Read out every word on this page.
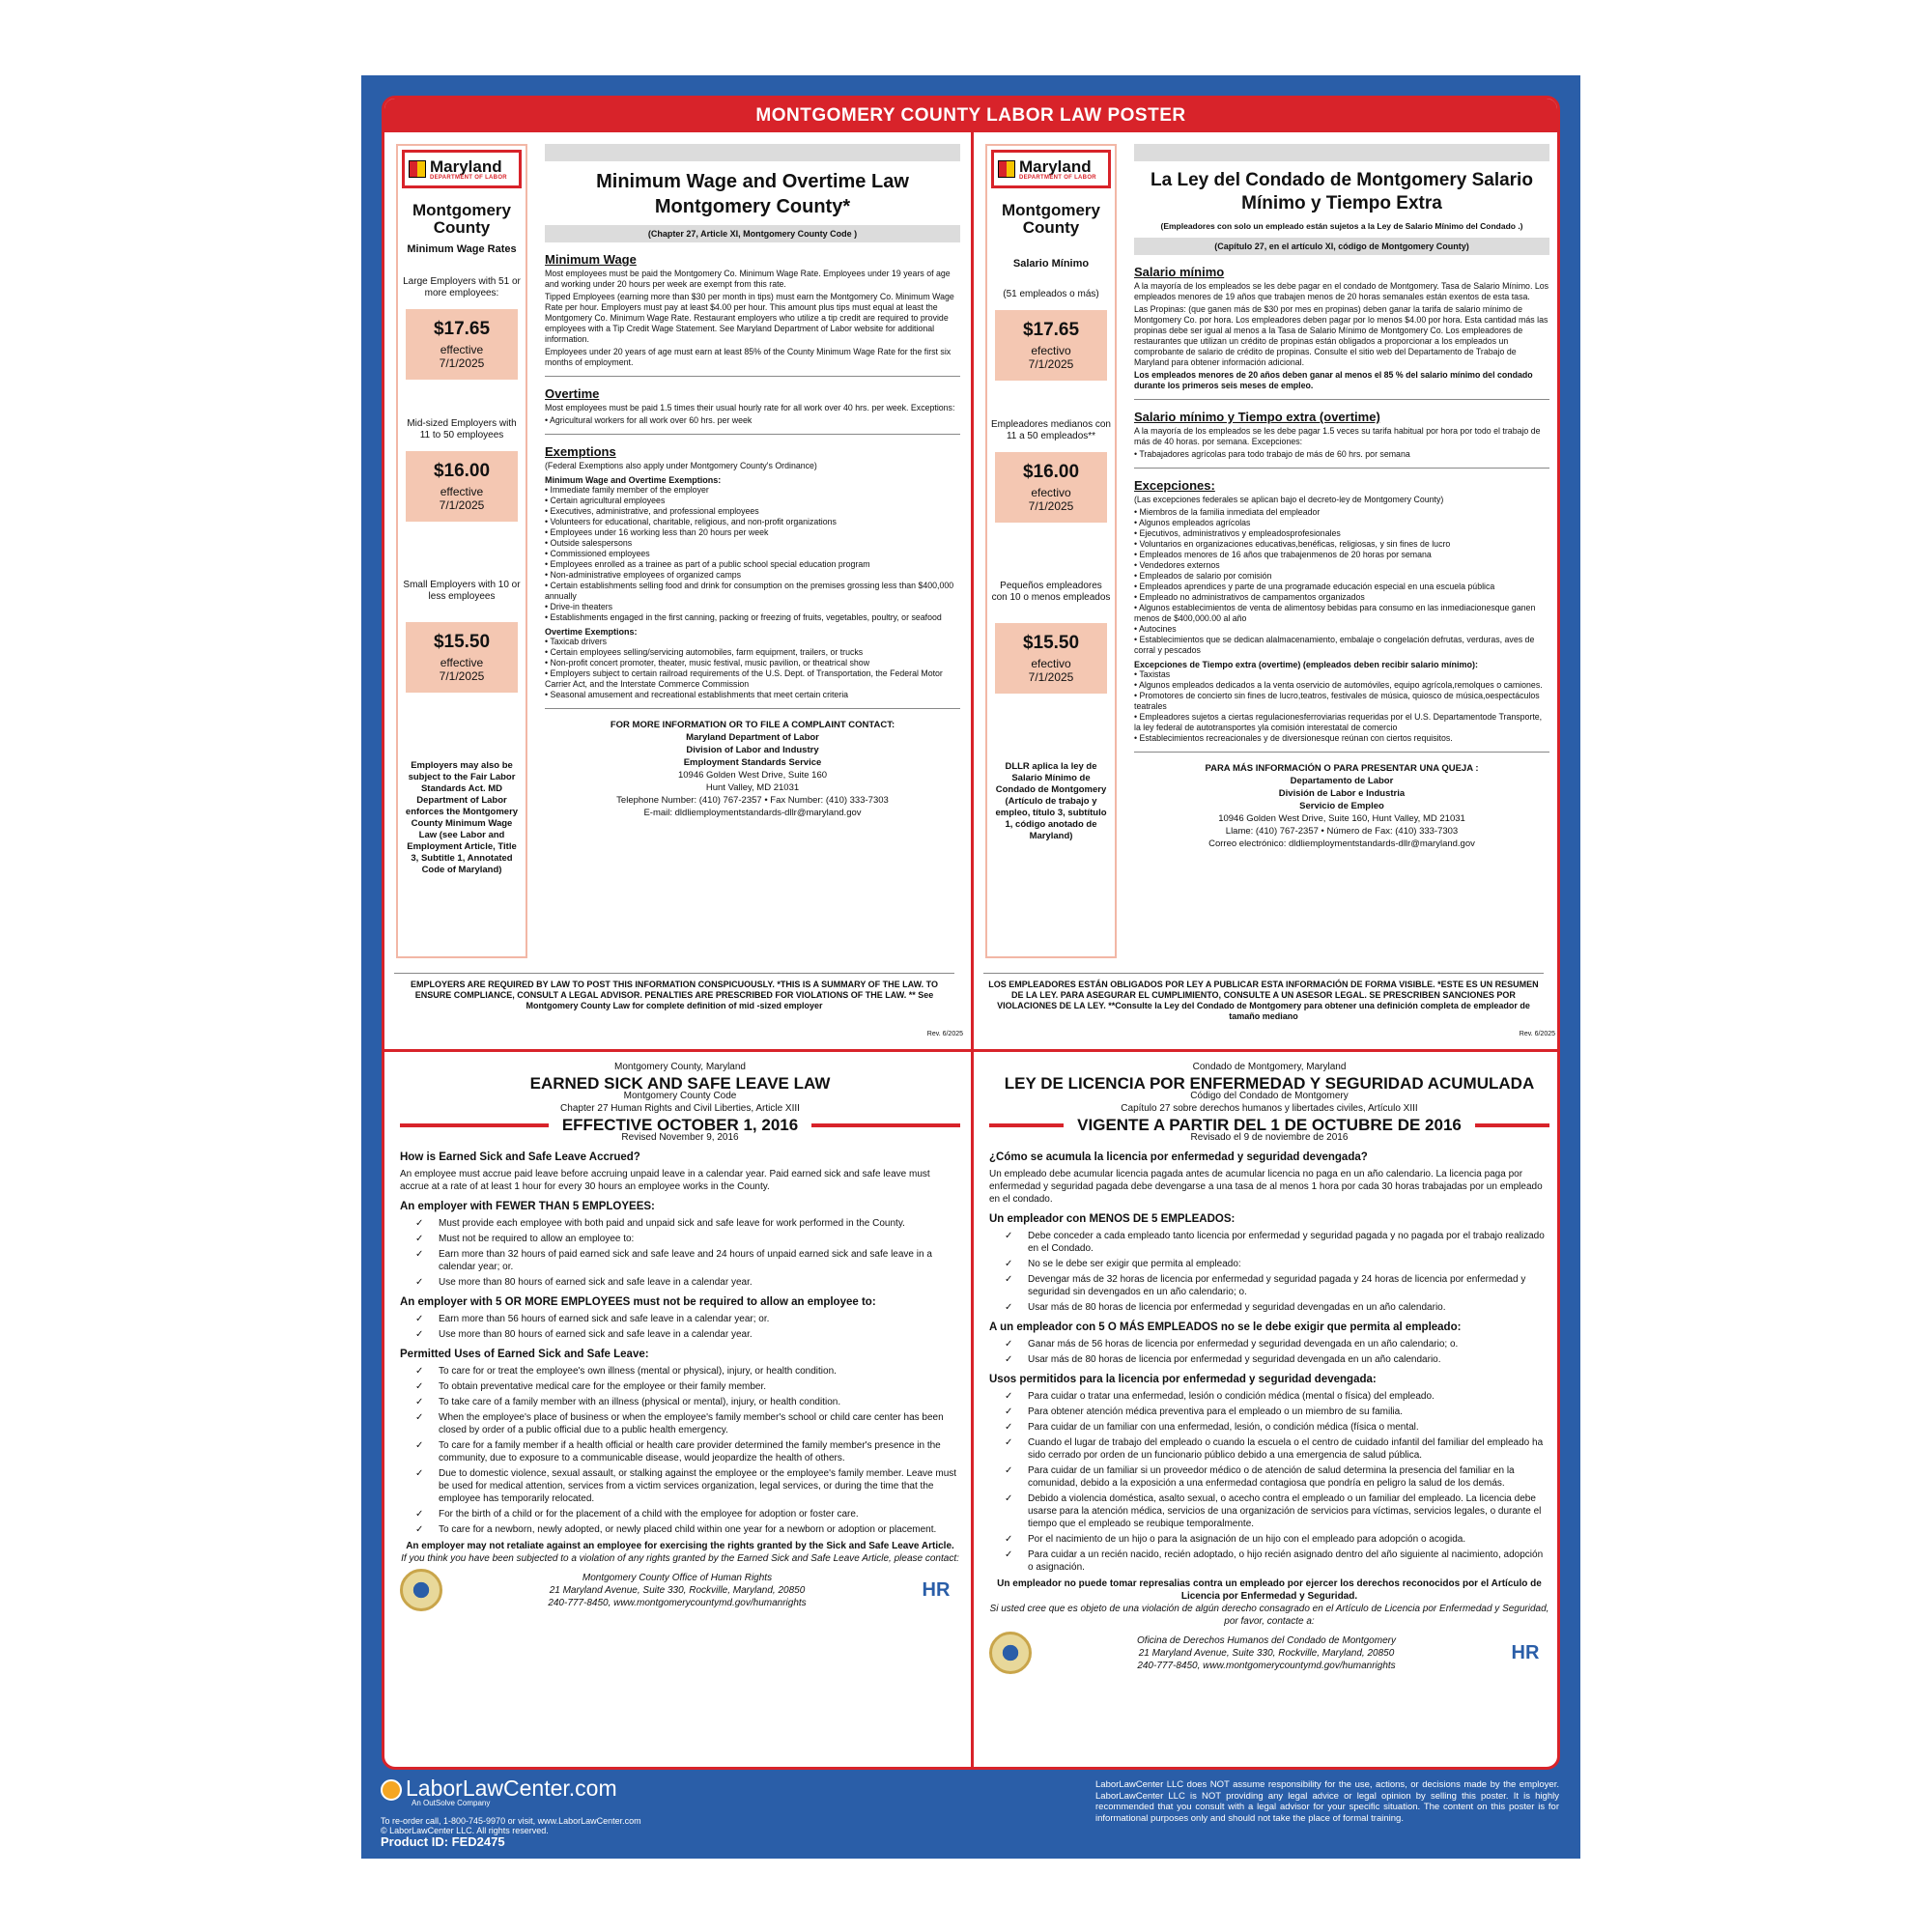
MONTGOMERY COUNTY LABOR LAW POSTER
Maryland
DEPARTMENT OF LABOR
Montgomery County
Minimum Wage Rates
Large Employers with 51 or more employees:
$17.65
effective
7/1/2025
Mid-sized Employers with 11 to 50 employees
$16.00
effective
7/1/2025
Small Employers with 10 or less employees
$15.50
effective
7/1/2025
Employers may also be subject to the Fair Labor Standards Act. MD Department of Labor enforces the Montgomery County Minimum Wage Law (see Labor and Employment Article, Title 3, Subtitle 1, Annotated Code of Maryland)
Minimum Wage and Overtime Law Montgomery County*
(Chapter 27, Article XI, Montgomery County Code )
Minimum Wage

Most employees must be paid the Montgomery Co. Minimum Wage Rate. Employees under 19 years of age and working under 20 hours per week are exempt from this rate.

Tipped Employees (earning more than $30 per month in tips) must earn the Montgomery Co. Minimum Wage Rate per hour. Employers must pay at least $4.00 per hour. This amount plus tips must equal at least the Montgomery Co. Minimum Wage Rate. Restaurant employers who utilize a tip credit are required to provide employees with a Tip Credit Wage Statement. See Maryland Department of Labor website for additional information.

Employees under 20 years of age must earn at least 85% of the County Minimum Wage Rate for the first six months of employment.

Overtime

Most employees must be paid 1.5 times their usual hourly rate for all work over 40 hrs. per week. Exceptions:

• Agricultural workers for all work over 60 hrs. per week
Exemptions

(Federal Exemptions also apply under Montgomery County's Ordinance)

Minimum Wage and Overtime Exemptions:
• Immediate family member of the employer
• Certain agricultural employees
• Executives, administrative, and professional employees
• Volunteers for educational, charitable, religious, and non-profit organizations
• Employees under 16 working less than 20 hours per week
• Outside salespersons
• Commissioned employees
• Employees enrolled as a trainee as part of a public school special education program
• Non-administrative employees of organized camps
• Certain establishments selling food and drink for consumption on the premises grossing less than $400,000 annually
• Drive-in theaters
• Establishments engaged in the first canning, packing or freezing of fruits, vegetables, poultry, or seafood
Overtime Exemptions:
• Taxicab drivers
• Certain employees selling/servicing automobiles, farm equipment, trailers, or trucks
• Non-profit concert promoter, theater, music festival, music pavilion, or theatrical show
• Employers subject to certain railroad requirements of the U.S. Dept. of Transportation, the Federal Motor Carrier Act, and the Interstate Commerce Commission
• Seasonal amusement and recreational establishments that meet certain criteria
FOR MORE INFORMATION OR TO FILE A COMPLAINT CONTACT:
Maryland Department of Labor
Division of Labor and Industry
Employment Standards Service
10946 Golden West Drive, Suite 160
Hunt Valley, MD 21031
Telephone Number: (410) 767-2357 • Fax Number: (410) 333-7303
E-mail: dldliemploymentstandards-dllr@maryland.gov
EMPLOYERS ARE REQUIRED BY LAW TO POST THIS INFORMATION CONSPICUOUSLY. *THIS IS A SUMMARY OF THE LAW. TO ENSURE COMPLIANCE, CONSULT A LEGAL ADVISOR. PENALTIES ARE PRESCRIBED FOR VIOLATIONS OF THE LAW. ** See Montgomery County Law for complete definition of mid -sized employer
Rev. 6/2025
Maryland
DEPARTMENT OF LABOR
Montgomery County
Salario Mínimo
(51 empleados o más)
$17.65
efectivo
7/1/2025
Empleadores medianos con 11 a 50 empleados**
$16.00
efectivo
7/1/2025
Pequeños empleadores con 10 o menos empleados
$15.50
efectivo
7/1/2025
DLLR aplica la ley de Salario Mínimo de Condado de Montgomery (Artículo de trabajo y empleo, título 3, subtítulo 1, código anotado de Maryland)
La Ley del Condado de Montgomery Salario Mínimo y Tiempo Extra

(Empleadores con solo un empleado están sujetos a la Ley de Salario Mínimo del Condado .)

(Capítulo 27, en el artículo XI, código de Montgomery County)
Salario mínimo

A la mayoría de los empleados se les debe pagar en el condado de Montgomery. Tasa de Salario Mínimo. Los empleados menores de 19 años que trabajen menos de 20 horas semanales están exentos de esta tasa.

Las Propinas: (que ganen más de $30 por mes en propinas) deben ganar la tarifa de salario mínimo de Montgomery Co. por hora. Los empleadores deben pagar por lo menos $4.00 por hora. Esta cantidad más las propinas debe ser igual al menos a la Tasa de Salario Mínimo de Montgomery Co. Los empleadores de restaurantes que utilizan un crédito de propinas están obligados a proporcionar a los empleados un comprobante de salario de crédito de propinas. Consulte el sitio web del Departamento de Trabajo de Maryland para obtener información adicional.

Los empleados menores de 20 años deben ganar al menos el 85 % del salario mínimo del condado durante los primeros seis meses de empleo.

Salario mínimo y Tiempo extra (overtime)

A la mayoría de los empleados se les debe pagar 1.5 veces su tarifa habitual por hora por todo el trabajo de más de 40 horas. por semana. Excepciones:

• Trabajadores agrícolas para todo trabajo de más de 60 hrs. por semana
Excepciones:

(Las excepciones federales se aplican bajo el decreto-ley de Montgomery County)

• Miembros de la familia inmediata del empleador
• Algunos empleados agrícolas
• Ejecutivos, administrativos y empleadosprofesionales
• Voluntarios en organizaciones educativas,benéficas, religiosas, y sin fines de lucro
• Empleados menores de 16 años que trabajenmenos de 20 horas por semana
• Vendedores externos
• Empleados de salario por comisión
• Empleados aprendices y parte de una programade educación especial en una escuela pública
• Empleado no administrativos de campamentos organizados
• Algunos establecimientos de venta de alimentosy bebidas para consumo en las inmediacionesque ganen menos de $400,000.00 al año
• Autocines
• Establecimientos que se dedican alalmacenamiento, embalaje o congelación defrutas, verduras, aves de corral y pescados
Excepciones de Tiempo extra (overtime) (empleados deben recibir salario mínimo):
• Taxistas
• Algunos empleados dedicados a la venta oservicio de automóviles, equipo agrícola,remolques o camiones.
• Promotores de concierto sin fines de lucro,teatros, festivales de música, quiosco de música,oespectáculos teatrales
• Empleadores sujetos a ciertas regulacionesferroviarias requeridas por el U.S. Departamentode Transporte, la ley federal de autotransportes yla comisión interestatal de comercio
• Establecimientos recreacionales y de diversionesque reúnan con ciertos requisitos.
PARA MÁS INFORMACIÓN O PARA PRESENTAR UNA QUEJA :
Departamento de Labor
División de Labor e Industria
Servicio de Empleo
10946 Golden West Drive, Suite 160, Hunt Valley, MD 21031
Llame: (410) 767-2357 • Número de Fax: (410) 333-7303
Correo electrónico: dldliemploymentstandards-dllr@maryland.gov
LOS EMPLEADORES ESTÁN OBLIGADOS POR LEY A PUBLICAR ESTA INFORMACIÓN DE FORMA VISIBLE. *ESTE ES UN RESUMEN DE LA LEY. PARA ASEGURAR EL CUMPLIMIENTO, CONSULTE A UN ASESOR LEGAL. SE PRESCRIBEN SANCIONES POR VIOLACIONES DE LA LEY. **Consulte la Ley del Condado de Montgomery para obtener una definición completa de empleador de tamaño mediano
Rev. 6/2025
Montgomery County, Maryland
EARNED SICK AND SAFE LEAVE LAW
Montgomery County Code
Chapter 27 Human Rights and Civil Liberties, Article XIII
EFFECTIVE OCTOBER 1, 2016
Revised November 9, 2016
How is Earned Sick and Safe Leave Accrued?

An employee must accrue paid leave before accruing unpaid leave in a calendar year. Paid earned sick and safe leave must accrue at a rate of at least 1 hour for every 30 hours an employee works in the County.

An employer with FEWER THAN 5 EMPLOYEES:
✓ Must provide each employee with both paid and unpaid sick and safe leave for work performed in the County.
✓ Must not be required to allow an employee to:
✓ Earn more than 32 hours of paid earned sick and safe leave and 24 hours of unpaid earned sick and safe leave in a calendar year; or.
✓ Use more than 80 hours of earned sick and safe leave in a calendar year.
An employer with 5 OR MORE EMPLOYEES must not be required to allow an employee to:
✓ Earn more than 56 hours of earned sick and safe leave in a calendar year; or.
✓ Use more than 80 hours of earned sick and safe leave in a calendar year.
Permitted Uses of Earned Sick and Safe Leave:
✓ To care for or treat the employee's own illness (mental or physical), injury, or health condition.
✓ To obtain preventative medical care for the employee or their family member.
✓ To take care of a family member with an illness (physical or mental), injury, or health condition.
✓ When the employee's place of business or when the employee's family member's school or child care center has been closed by order of a public official due to a public health emergency.
✓ To care for a family member if a health official or health care provider determined the family member's presence in the community, due to exposure to a communicable disease, would jeopardize the health of others.
✓ Due to domestic violence, sexual assault, or stalking against the employee or the employee's family member. Leave must be used for medical attention, services from a victim services organization, legal services, or during the time that the employee has temporarily relocated.
✓ For the birth of a child or for the placement of a child with the employee for adoption or foster care.
✓ To care for a newborn, newly adopted, or newly placed child within one year for a newborn or adoption or placement.
An employer may not retaliate against an employee for exercising the rights granted by the Sick and Safe Leave Article.
If you think you have been subjected to a violation of any rights granted by the Earned Sick and Safe Leave Article, please contact:
Montgomery County Office of Human Rights
21 Maryland Avenue, Suite 330, Rockville, Maryland, 20850
240-777-8450, www.montgomerycountymd.gov/humanrights
HR
Condado de Montgomery, Maryland
LEY DE LICENCIA POR ENFERMEDAD Y SEGURIDAD ACUMULADA
Código del Condado de Montgomery
Capítulo 27 sobre derechos humanos y libertades civiles, Artículo XIII
VIGENTE A PARTIR DEL 1 DE OCTUBRE DE 2016
Revisado el 9 de noviembre de 2016
¿Cómo se acumula la licencia por enfermedad y seguridad devengada?

Un empleado debe acumular licencia pagada antes de acumular licencia no paga en un año calendario. La licencia paga por enfermedad y seguridad pagada debe devengarse a una tasa de al menos 1 hora por cada 30 horas trabajadas por un empleado en el condado.

Un empleador con MENOS DE 5 EMPLEADOS:
✓ Debe conceder a cada empleado tanto licencia por enfermedad y seguridad pagada y no pagada por el trabajo realizado en el Condado.
✓ No se le debe ser exigir que permita al empleado:
✓ Devengar más de 32 horas de licencia por enfermedad y seguridad pagada y 24 horas de licencia por enfermedad y seguridad sin devengados en un año calendario; o.
✓ Usar más de 80 horas de licencia por enfermedad y seguridad devengadas en un año calendario.
A un empleador con 5 O MÁS EMPLEADOS no se le debe exigir que permita al empleado:
✓ Ganar más de 56 horas de licencia por enfermedad y seguridad devengada en un año calendario; o.
✓ Usar más de 80 horas de licencia por enfermedad y seguridad devengada en un año calendario.
Usos permitidos para la licencia por enfermedad y seguridad devengada:
✓ Para cuidar o tratar una enfermedad, lesión o condición médica (mental o física) del empleado.
✓ Para obtener atención médica preventiva para el empleado o un miembro de su familia.
✓ Para cuidar de un familiar con una enfermedad, lesión, o condición médica (física o mental.
✓ Cuando el lugar de trabajo del empleado o cuando la escuela o el centro de cuidado infantil del familiar del empleado ha sido cerrado por orden de un funcionario público debido a una emergencia de salud pública.
✓ Para cuidar de un familiar si un proveedor médico o de atención de salud determina la presencia del familiar en la comunidad, debido a la exposición a una enfermedad contagiosa que pondría en peligro la salud de los demás.
✓ Debido a violencia doméstica, asalto sexual, o acecho contra el empleado o un familiar del empleado. La licencia debe usarse para la atención médica, servicios de una organización de servicios para víctimas, servicios legales, o durante el tiempo que el empleado se reubique temporalmente.
✓ Por el nacimiento de un hijo o para la asignación de un hijo con el empleado para adopción o acogida.
✓ Para cuidar a un recién nacido, recién adoptado, o hijo recién asignado dentro del año siguiente al nacimiento, adopción o asignación.
Un empleador no puede tomar represalias contra un empleado por ejercer los derechos reconocidos por el Artículo de Licencia por Enfermedad y Seguridad.
Si usted cree que es objeto de una violación de algún derecho consagrado en el Artículo de Licencia por Enfermedad y Seguridad, por favor, contacte a:
Oficina de Derechos Humanos del Condado de Montgomery
21 Maryland Avenue, Suite 330, Rockville, Maryland, 20850
240-777-8450, www.montgomerycountymd.gov/humanrights
HR
LaborLawCenter.com
An OutSolve Company
To re-order call, 1-800-745-9970 or visit, www.LaborLawCenter.com
© LaborLawCenter LLC. All rights reserved.
Product ID: FED2475
LaborLawCenter LLC does NOT assume responsibility for the use, actions, or decisions made by the employer. LaborLawCenter LLC is NOT providing any legal advice or legal opinion by selling this poster. It is highly recommended that you consult with a legal advisor for your specific situation. The content on this poster is for informational purposes only and should not take the place of formal training.
